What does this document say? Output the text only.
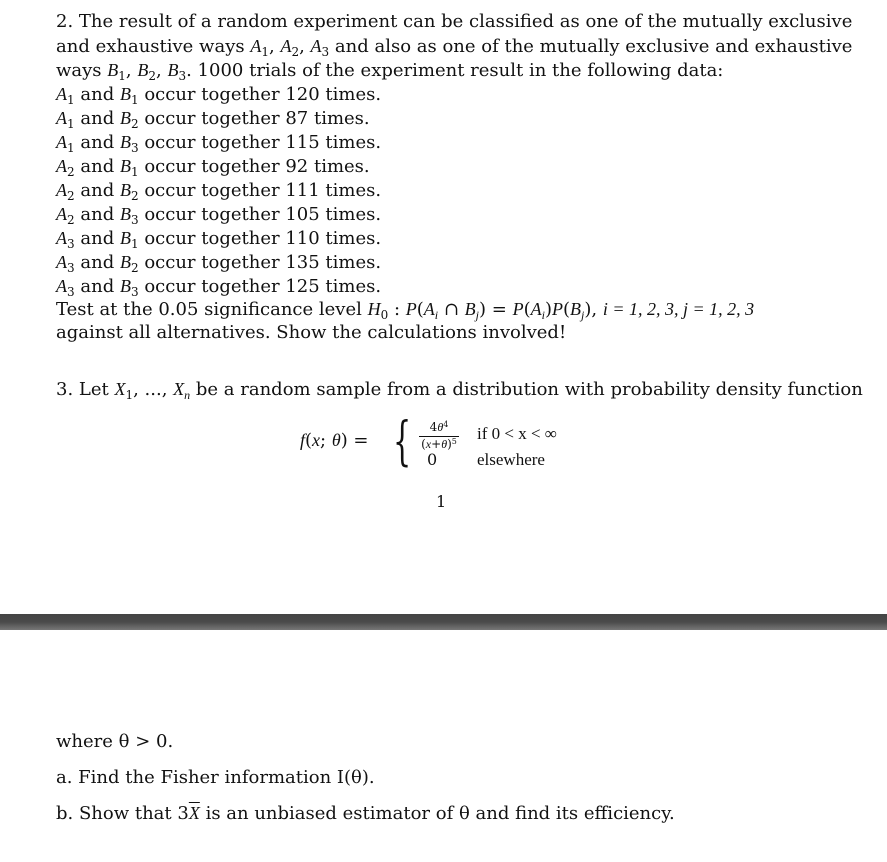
2. The result of a random experiment can be classified as one of the mutually exclusive
and exhaustive ways $A_1$, $A_2$, $A_3$ and also as one of the mutually exclusive and exhaustive
ways $B_1$, $B_2$, $B_3$. 1000 trials of the experiment result in the following data:
$A_1$ and $B_1$ occur together 120 times.
$A_1$ and $B_2$ occur together 87 times.
$A_1$ and $B_3$ occur together 115 times.
$A_2$ and $B_1$ occur together 92 times.
$A_2$ and $B_2$ occur together 111 times.
$A_2$ and $B_3$ occur together 105 times.
$A_3$ and $B_1$ occur together 110 times.
$A_3$ and $B_2$ occur together 135 times.
$A_3$ and $B_3$ occur together 125 times.
Test at the 0.05 significance level $H_0$ : $P(A_i$ ∩ $B_j) = P(A_i)P(B_j)$, i = 1, 2, 3, j = 1, 2, 3
against all alternatives. Show the calculations involved!
3. Let $X_1$, ..., $X_n$ be a random sample from a distribution with probability density function
f(x; θ) = { $\frac{4\theta^4}{(x+\theta)^5}$
0
if 0 < x < ∞
elsewhere
1
where θ > 0.
a. Find the Fisher information I(θ).
b. Show that $3\overline{X}$ is an unbiased estimator of θ and find its efficiency.
